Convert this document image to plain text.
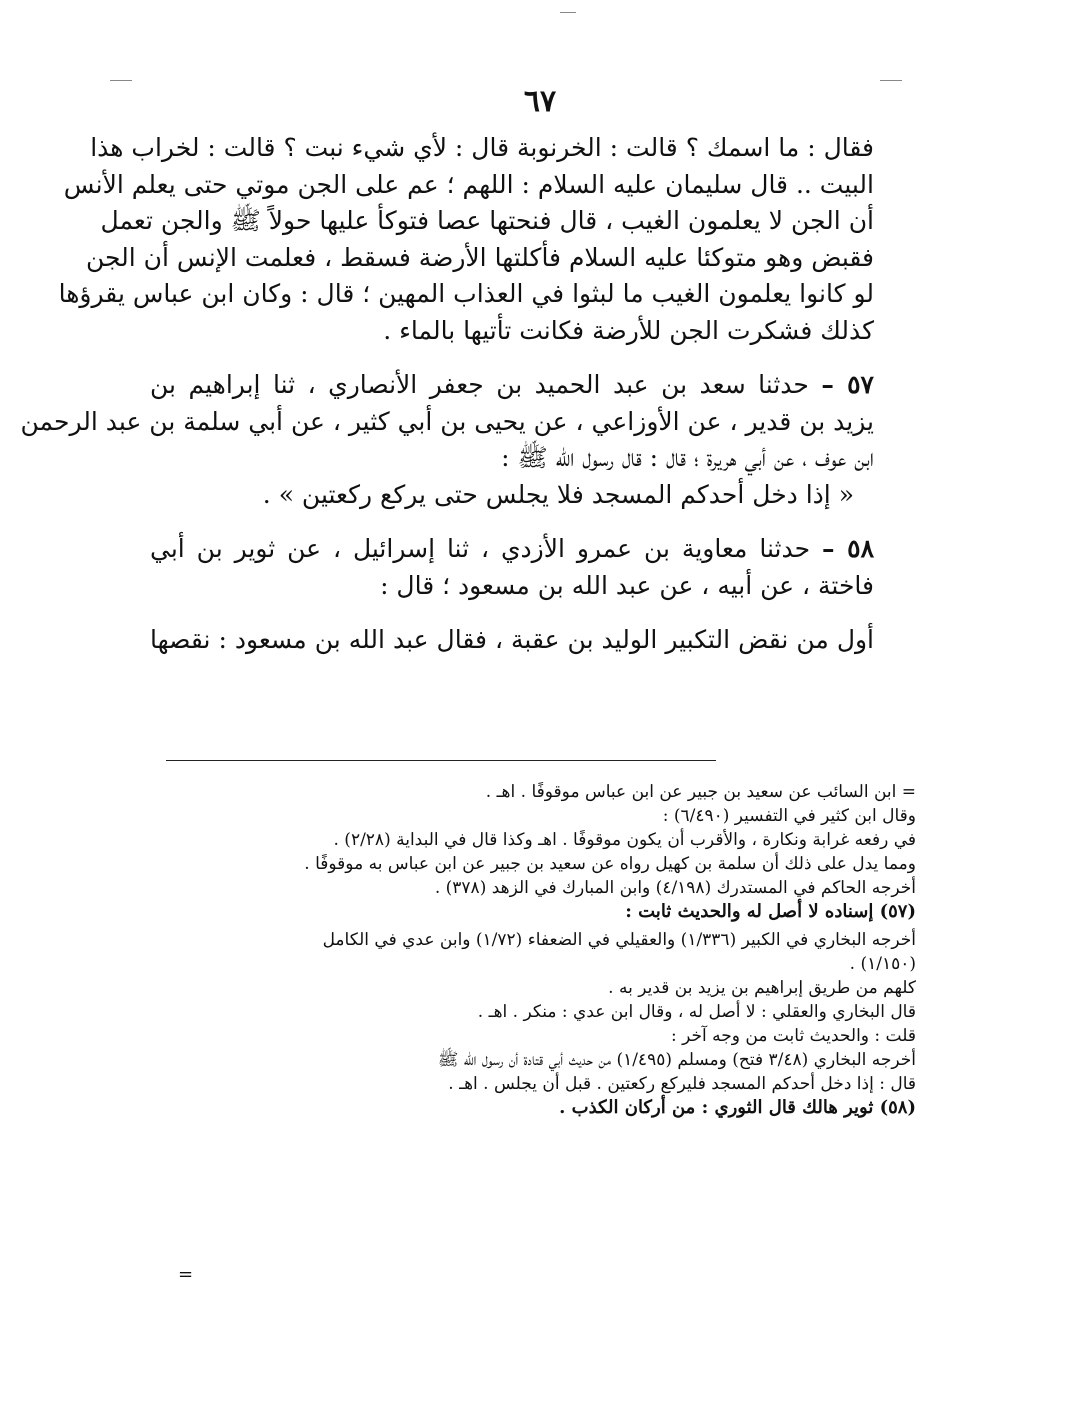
٦٧
فقال : ما اسمك ؟ قالت : الخرنوبة قال : لأي شيء نبت ؟ قالت : لخراب هذا
البيت .. قال سليمان عليه السلام : اللهم ؛ عم على الجن موتي حتى يعلم الأنس
أن الجن لا يعلمون الغيب ، قال فنحتها عصا فتوكأ عليها حولاً ﷺ والجن تعمل
فقبض وهو متوكئا عليه السلام فأكلتها الأرضة فسقط ، فعلمت الإنس أن الجن
لو كانوا يعلمون الغيب ما لبثوا في العذاب المهين ؛ قال : وكان ابن عباس يقرؤها
كذلك فشكرت الجن للأرضة فكانت تأتيها بالماء .
٥٧ – حدثنا سعد بن عبد الحميد بن جعفر الأنصاري ، ثنا إبراهيم بن
يزيد بن قدير ، عن الأوزاعي ، عن يحيى بن أبي كثير ، عن أبي سلمة بن عبد الرحمن
ابن عوف ، عن أبي هريرة ؛ قال : قال رسول الله ﷺ :
« إذا دخل أحدكم المسجد فلا يجلس حتى يركع ركعتين » .
٥٨ – حدثنا معاوية بن عمرو الأزدي ، ثنا إسرائيل ، عن ثوير بن أبي
فاختة ، عن أبيه ، عن عبد الله بن مسعود ؛ قال :
أول من نقض التكبير الوليد بن عقبة ، فقال عبد الله بن مسعود : نقصها
= ابن السائب عن سعيد بن جبير عن ابن عباس موقوفًا . اهـ .
وقال ابن كثير في التفسير (٦/٤٩٠) :
في رفعه غرابة ونكارة ، والأقرب أن يكون موقوفًا . اهـ وكذا قال في البداية (٢/٢٨) .
ومما يدل على ذلك أن سلمة بن كهيل رواه عن سعيد بن جبير عن ابن عباس به موقوفًا .
أخرجه الحاكم في المستدرك (٤/١٩٨) وابن المبارك في الزهد (٣٧٨) .
(٥٧) إسناده لا أصل له والحديث ثابت :
أخرجه البخاري في الكبير (١/٣٣٦) والعقيلي في الضعفاء (١/٧٢) وابن عدي في الكامل
(١/١٥٠) .
كلهم من طريق إبراهيم بن يزيد بن قدير به .
قال البخاري والعقلي : لا أصل له ، وقال ابن عدي : منكر . اهـ .
قلت : والحديث ثابت من وجه آخر :
أخرجه البخاري (٣/٤٨ فتح) ومسلم (١/٤٩٥) من حديث أبي قتادة أن رسول الله ﷺ
قال : إذا دخل أحدكم المسجد فليركع ركعتين . قبل أن يجلس . اهـ .
(٥٨) ثوير هالك قال الثوري : من أركان الكذب .
=
